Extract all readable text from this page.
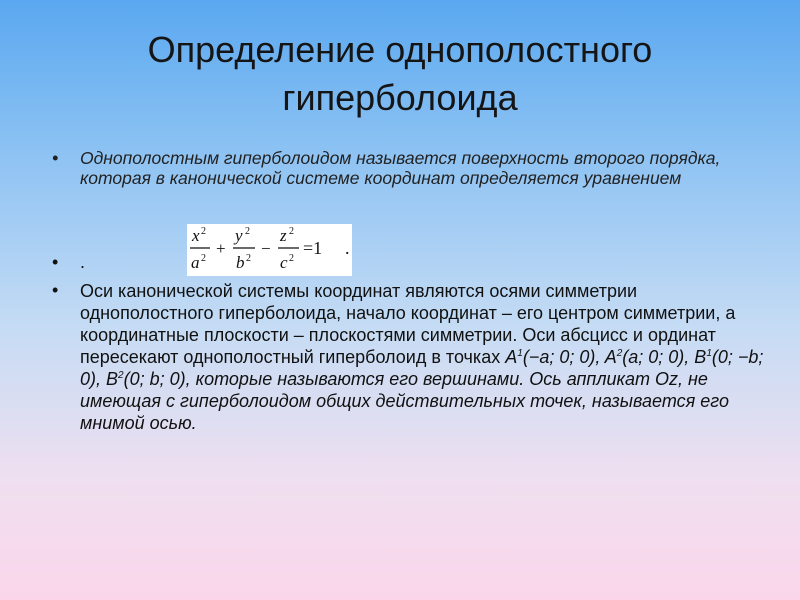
Определение однополостного
гиперболоида
• Однополостным гиперболоидом называется поверхность второго порядка, которая в канонической системе координат определяется уравнением
x 2
a 2
+
y 2
b 2
−
z 2
c 2
=1 .
• .
• Оси канонической системы координат являются осями симметрии однополостного гиперболоида, начало координат – его центром симметрии, а координатные плоскости – плоскостями симметрии. Оси абсцисс и ординат пересекают однополостный гиперболоид в точках $A^1(-a$; 0; 0), $A^2(a$; 0; 0), $B^1(0$; −b; 0), $B^2(0$; b; 0), которые называются его вершинами. Ось аппликат Oz, не имеющая с гиперболоидом общих действительных точек, называется его мнимой осью.
